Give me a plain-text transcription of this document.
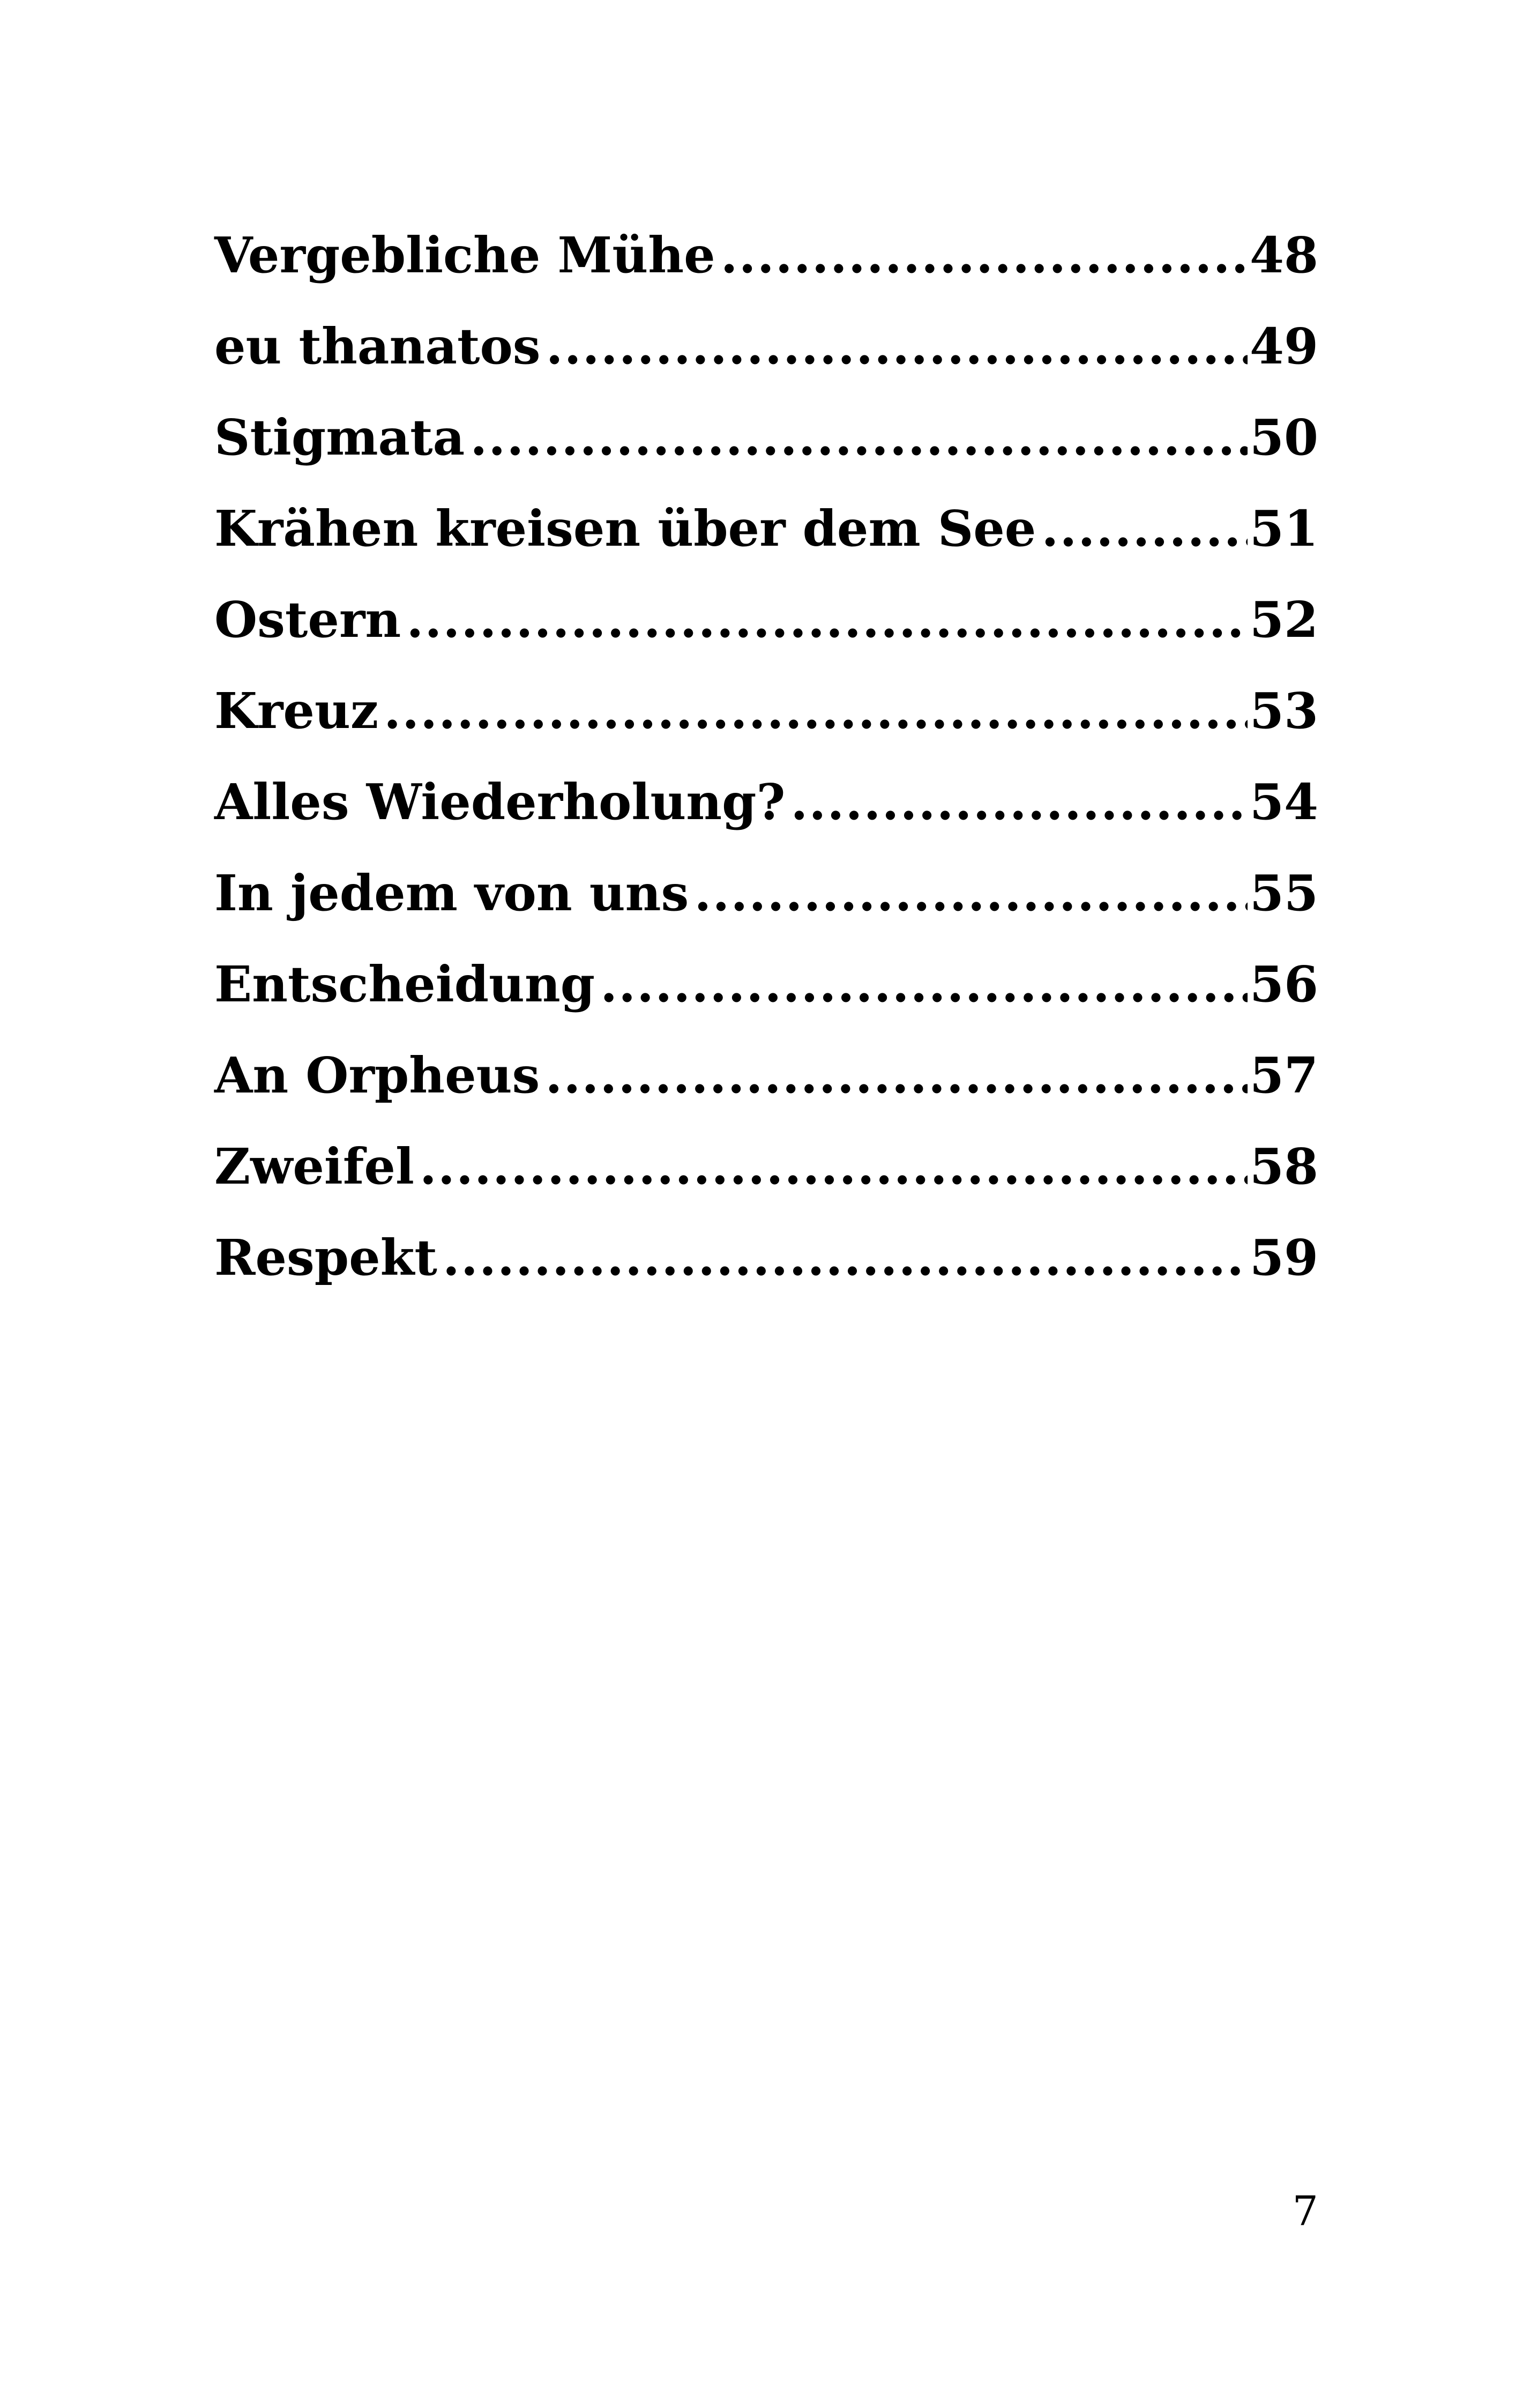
Vergebliche Mühe .....	48
eu thanatos .....	49
Stigmata .....	50
Krähen kreisen über dem See .....	51
Ostern .....	52
Kreuz .....	53
Alles Wiederholung? .....	54
In jedem von uns .....	55
Entscheidung .....	56
An Orpheus .....	57
Zweifel .....	58
Respekt .....	59
7
